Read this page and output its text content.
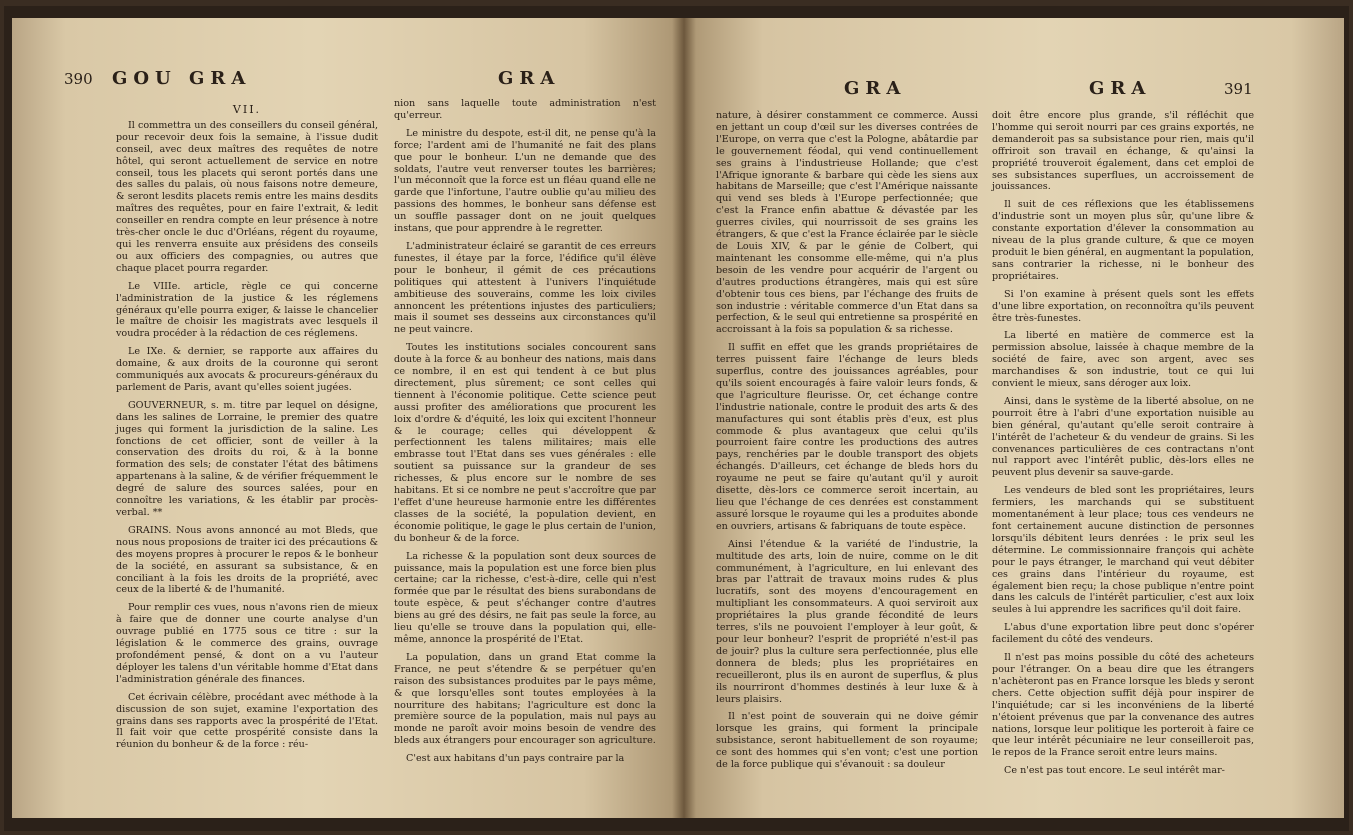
390 GOU GRA	GRA

VII.

Il commettra un des conseillers du conseil général, pour recevoir deux fois la semaine, à l'issue dudit conseil, avec deux maîtres des requêtes de notre hôtel, qui seront actuellement de service en notre conseil, tous les placets qui seront portés dans une des salles du palais, où nous faisons notre demeure, & seront lesdits placets remis entre les mains desdits maîtres des requêtes, pour en faire l'extrait, & ledit conseiller en rendra compte en leur présence à notre très-cher oncle le duc d'Orléans, régent du royaume, qui les renverra ensuite aux présidens des conseils ou aux officiers des compagnies, ou autres que chaque placet pourra regarder.

Le VIIIe. article, règle ce qui concerne l'administration de la justice & les réglemens généraux qu'elle pourra exiger, & laisse le chancelier le maître de choisir les magistrats avec lesquels il voudra procéder à la rédaction de ces réglemens.

Le IXe. & dernier, se rapporte aux affaires du domaine, & aux droits de la couronne qui seront communiqués aux avocats & procureurs-généraux du parlement de Paris, avant qu'elles soient jugées.

GOUVERNEUR, s. m. titre par lequel on désigne, dans les salines de Lorraine, le premier des quatre juges qui forment la jurisdiction de la saline. Les fonctions de cet officier, sont de veiller à la conservation des droits du roi, & à la bonne formation des sels; de constater l'état des bâtimens appartenans à la saline, & de vérifier fréquemment le degré de salure des sources salées, pour en connoître les variations, & les établir par procès-verbal. **

GRAINS. Nous avons annoncé au mot Bleds, que nous nous proposions de traiter ici des précautions & des moyens propres à procurer le repos & le bonheur de la société, en assurant sa subsistance, & en conciliant à la fois les droits de la propriété, avec ceux de la liberté & de l'humanité.

Pour remplir ces vues, nous n'avons rien de mieux à faire que de donner une courte analyse d'un ouvrage publié en 1775 sous ce titre : sur la législation & le commerce des grains, ouvrage profondément pensé, & dont on a vu l'auteur déployer les talens d'un véritable homme d'Etat dans l'administration générale des finances.

Cet écrivain célèbre, procédant avec méthode à la discussion de son sujet, examine l'exportation des grains dans ses rapports avec la prospérité de l'Etat. Il fait voir que cette prospérité consiste dans la réunion du bonheur & de la force : réu-

nion sans laquelle toute administration n'est qu'erreur.

Le ministre du despote, est-il dit, ne pense qu'à la force; l'ardent ami de l'humanité ne fait des plans que pour le bonheur. L'un ne demande que des soldats, l'autre veut renverser toutes les barrières; l'un méconnoît que la force est un fléau quand elle ne garde que l'infortune, l'autre oublie qu'au milieu des passions des hommes, le bonheur sans défense est un souffle passager dont on ne jouit quelques instans, que pour apprendre à le regretter.

L'administrateur éclairé se garantit de ces erreurs funestes, il étaye par la force, l'édifice qu'il élève pour le bonheur, il gémit de ces précautions politiques qui attestent à l'univers l'inquiétude ambitieuse des souverains, comme les loix civiles annoncent les prétentions injustes des particuliers; mais il soumet ses desseins aux circonstances qu'il ne peut vaincre.

Toutes les institutions sociales concourent sans doute à la force & au bonheur des nations, mais dans ce nombre, il en est qui tendent à ce but plus directement, plus sûrement; ce sont celles qui tiennent à l'économie politique. Cette science peut aussi profiter des améliorations que procurent les loix d'ordre & d'équité, les loix qui excitent l'honneur & le courage; celles qui développent & perfectionnent les talens militaires; mais elle embrasse tout l'Etat dans ses vues générales : elle soutient sa puissance sur la grandeur de ses richesses, & plus encore sur le nombre de ses habitans. Et si ce nombre ne peut s'accroître que par l'effet d'une heureuse harmonie entre les différentes classes de la société, la population devient, en économie politique, le gage le plus certain de l'union, du bonheur & de la force.

La richesse & la population sont deux sources de puissance, mais la population est une force bien plus certaine; car la richesse, c'est-à-dire, celle qui n'est formée que par le résultat des biens surabondans de toute espèce, & peut s'échanger contre d'autres biens au gré des désirs, ne fait pas seule la force, au lieu qu'elle se trouve dans la population qui, elle-même, annonce la prospérité de l'Etat.

La population, dans un grand Etat comme la France, ne peut s'étendre & se perpétuer qu'en raison des subsistances produites par le pays même, & que lorsqu'elles sont toutes employées à la nourriture des habitans; l'agriculture est donc la première source de la population, mais nul pays au monde ne paroît avoir moins besoin de vendre des bleds aux étrangers pour encourager son agriculture.

C'est aux habitans d'un pays contraire par la

GRA	GRA	391

nature, à désirer constamment ce commerce. Aussi en jettant un coup d'œil sur les diverses contrées de l'Europe, on verra que c'est la Pologne, abâtardie par le gouvernement féodal, qui vend continuellement ses grains à l'industrieuse Hollande; que c'est l'Afrique ignorante & barbare qui cède les siens aux habitans de Marseille; que c'est l'Amérique naissante qui vend ses bleds à l'Europe perfectionnée; que c'est la France enfin abattue & dévastée par les guerres civiles, qui nourrissoit de ses grains les étrangers, & que c'est la France éclairée par le siècle de Louis XIV, & par le génie de Colbert, qui maintenant les consomme elle-même, qui n'a plus besoin de les vendre pour acquérir de l'argent ou d'autres productions étrangères, mais qui est sûre d'obtenir tous ces biens, par l'échange des fruits de son industrie : véritable commerce d'un Etat dans sa perfection, & le seul qui entretienne sa prospérité en accroissant à la fois sa population & sa richesse.

Il suffit en effet que les grands propriétaires de terres puissent faire l'échange de leurs bleds superflus, contre des jouissances agréables, pour qu'ils soient encouragés à faire valoir leurs fonds, & que l'agriculture fleurisse. Or, cet échange contre l'industrie nationale, contre le produit des arts & des manufactures qui sont établis près d'eux, est plus commode & plus avantageux que celui qu'ils pourroient faire contre les productions des autres pays, renchéries par le double transport des objets échangés. D'ailleurs, cet échange de bleds hors du royaume ne peut se faire qu'autant qu'il y auroit disette, dès-lors ce commerce seroit incertain, au lieu que l'échange de ces denrées est constamment assuré lorsque le royaume qui les a produites abonde en ouvriers, artisans & fabriquans de toute espèce.

Ainsi l'étendue & la variété de l'industrie, la multitude des arts, loin de nuire, comme on le dit communément, à l'agriculture, en lui enlevant des bras par l'attrait de travaux moins rudes & plus lucratifs, sont des moyens d'encouragement en multipliant les consommateurs. A quoi serviroit aux propriétaires la plus grande fécondité de leurs terres, s'ils ne pouvoient l'employer à leur goût, & pour leur bonheur? l'esprit de propriété n'est-il pas de jouir? plus la culture sera perfectionnée, plus elle donnera de bleds; plus les propriétaires en recueilleront, plus ils en auront de superflus, & plus ils nourriront d'hommes destinés à leur luxe & à leurs plaisirs.

Il n'est point de souverain qui ne doive gémir lorsque les grains, qui forment la principale subsistance, seront habituellement de son royaume; ce sont des hommes qui s'en vont; c'est une portion de la force publique qui s'évanouit : sa douleur

doit être encore plus grande, s'il réfléchit que l'homme qui seroit nourri par ces grains exportés, ne demanderoit pas sa subsistance pour rien, mais qu'il offriroit son travail en échange, & qu'ainsi la propriété trouveroit également, dans cet emploi de ses subsistances superflues, un accroissement de jouissances.

Il suit de ces réflexions que les établissemens d'industrie sont un moyen plus sûr, qu'une libre & constante exportation d'élever la consommation au niveau de la plus grande culture, & que ce moyen produit le bien général, en augmentant la population, sans contrarier la richesse, ni le bonheur des propriétaires.

Si l'on examine à présent quels sont les effets d'une libre exportation, on reconnoîtra qu'ils peuvent être très-funestes.

La liberté en matière de commerce est la permission absolue, laissée à chaque membre de la société de faire, avec son argent, avec ses marchandises & son industrie, tout ce qui lui convient le mieux, sans déroger aux loix.

Ainsi, dans le système de la liberté absolue, on ne pourroit être à l'abri d'une exportation nuisible au bien général, qu'autant qu'elle seroit contraire à l'intérêt de l'acheteur & du vendeur de grains. Si les convenances particulières de ces contractans n'ont nul rapport avec l'intérêt public, dès-lors elles ne peuvent plus devenir sa sauve-garde.

Les vendeurs de bled sont les propriétaires, leurs fermiers, les marchands qui se substituent momentanément à leur place; tous ces vendeurs ne font certainement aucune distinction de personnes lorsqu'ils débitent leurs denrées : le prix seul les détermine. Le commissionnaire françois qui achète pour le pays étranger, le marchand qui veut débiter ces grains dans l'intérieur du royaume, est également bien reçu; la chose publique n'entre point dans les calculs de l'intérêt particulier, c'est aux loix seules à lui apprendre les sacrifices qu'il doit faire.

L'abus d'une exportation libre peut donc s'opérer facilement du côté des vendeurs.

Il n'est pas moins possible du côté des acheteurs pour l'étranger. On a beau dire que les étrangers n'achèteront pas en France lorsque les bleds y seront chers. Cette objection suffit déjà pour inspirer de l'inquiétude; car si les inconvéniens de la liberté n'étoient prévenus que par la convenance des autres nations, lorsque leur politique les porteroit à faire ce que leur intérêt pécuniaire ne leur conseilleroit pas, le repos de la France seroit entre leurs mains.

Ce n'est pas tout encore. Le seul intérêt mar-
